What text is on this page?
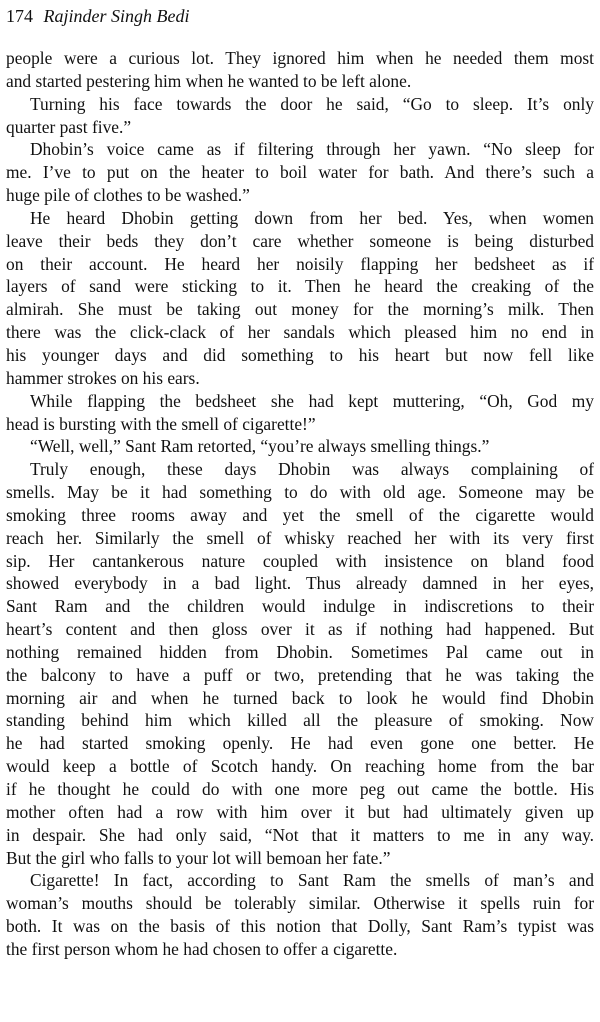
174 Rajinder Singh Bedi
people were a curious lot. They ignored him when he needed them most
and started pestering him when he wanted to be left alone.
Turning his face towards the door he said, “Go to sleep. It’s only
quarter past five.”
Dhobin’s voice came as if filtering through her yawn. “No sleep for
me. I’ve to put on the heater to boil water for bath. And there’s such a
huge pile of clothes to be washed.”
He heard Dhobin getting down from her bed. Yes, when women
leave their beds they don’t care whether someone is being disturbed
on their account. He heard her noisily flapping her bedsheet as if
layers of sand were sticking to it. Then he heard the creaking of the
almirah. She must be taking out money for the morning’s milk. Then
there was the click-clack of her sandals which pleased him no end in
his younger days and did something to his heart but now fell like
hammer strokes on his ears.
While flapping the bedsheet she had kept muttering, “Oh, God my
head is bursting with the smell of cigarette!”
“Well, well,” Sant Ram retorted, “you’re always smelling things.”
Truly enough, these days Dhobin was always complaining of
smells. May be it had something to do with old age. Someone may be
smoking three rooms away and yet the smell of the cigarette would
reach her. Similarly the smell of whisky reached her with its very first
sip. Her cantankerous nature coupled with insistence on bland food
showed everybody in a bad light. Thus already damned in her eyes,
Sant Ram and the children would indulge in indiscretions to their
heart’s content and then gloss over it as if nothing had happened. But
nothing remained hidden from Dhobin. Sometimes Pal came out in
the balcony to have a puff or two, pretending that he was taking the
morning air and when he turned back to look he would find Dhobin
standing behind him which killed all the pleasure of smoking. Now
he had started smoking openly. He had even gone one better. He
would keep a bottle of Scotch handy. On reaching home from the bar
if he thought he could do with one more peg out came the bottle. His
mother often had a row with him over it but had ultimately given up
in despair. She had only said, “Not that it matters to me in any way.
But the girl who falls to your lot will bemoan her fate.”
Cigarette! In fact, according to Sant Ram the smells of man’s and
woman’s mouths should be tolerably similar. Otherwise it spells ruin for
both. It was on the basis of this notion that Dolly, Sant Ram’s typist was
the first person whom he had chosen to offer a cigarette.
